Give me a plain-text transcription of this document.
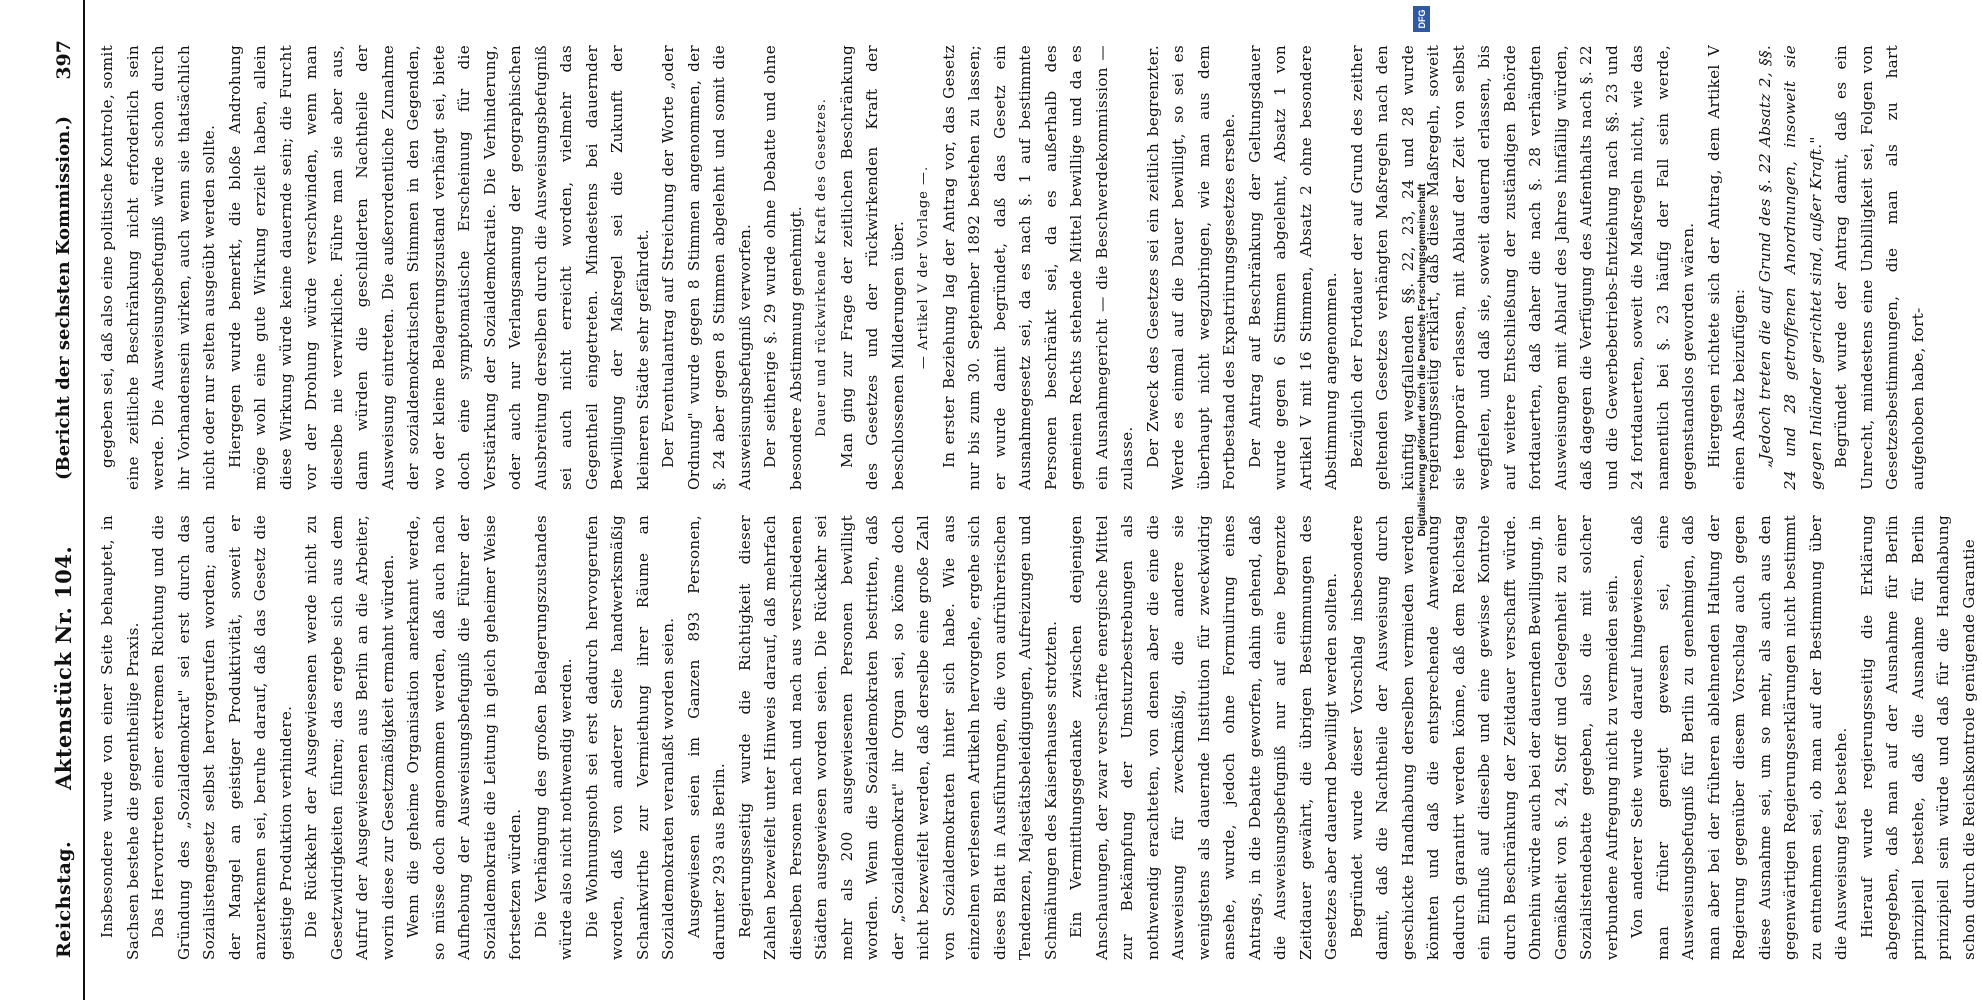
Reichstag.
Aktenstück Nr. 104.
(Bericht der sechsten Kommission.)
397

Insbesondere wurde von einer Seite behauptet, in Sachsen bestehe die gegentheilige Praxis. Das Hervortreten einer extremen Richtung und die Gründung des „Sozialdemokrat" sei erst durch das Sozialistengesetz selbst hervorgerufen worden; auch der Mangel an geistiger Produktivität, soweit er anzuerkennen sei, beruhe darauf, daß das Gesetz die geistige Produktion verhindere. Die Rückkehr der Ausgewiesenen werde nicht zu Gesetzwidrigkeiten führen; das ergebe sich aus dem Aufruf der Ausgewiesenen aus Berlin an die Arbeiter, worin diese zur Gesetzmäßigkeit ermahnt würden. Wenn die geheime Organisation anerkannt werde, so müsse doch angenommen werden, daß auch nach Aufhebung der Ausweisungsbefugniß die Führer der Sozialdemokratie die Leitung in gleich geheimer Weise fortsetzen würden. Die Verhängung des großen Belagerungszustandes würde also nicht nothwendig werden. Die Wohnungsnoth sei erst dadurch hervorgerufen worden, daß von anderer Seite handwerksmäßig Schankwirthe zur Vermiethung ihrer Räume an Sozialdemokraten veranlaßt worden seien. Ausgewiesen seien im Ganzen 893 Personen, darunter 293 aus Berlin. Regierungsseitig wurde die Richtigkeit dieser Zahlen bezweifelt unter Hinweis darauf, daß mehrfach dieselben Personen nach und nach aus verschiedenen Städten ausgewiesen worden seien. Die Rückkehr sei mehr als 200 ausgewiesenen Personen bewilligt worden. Wenn die Sozialdemokraten bestritten, daß der „Sozialdemokrat" ihr Organ sei, so könne doch nicht bezweifelt werden, daß derselbe eine große Zahl von Sozialdemokraten hinter sich habe. Wie aus einzelnen verlesenen Artikeln hervorgehe, ergehe sich dieses Blatt in Ausführungen, die von aufrührerischen Tendenzen, Majestätsbeleidigungen, Aufreizungen und Schmähungen des Kaiserhauses strotzten. Ein Vermittlungsgedanke zwischen denjenigen Anschauungen, der zwar verschärfte energische Mittel zur Bekämpfung der Umsturzbestrebungen als nothwendig erachteten, von denen aber die eine die Ausweisung für zweckmäßig, die andere sie wenigstens als dauernde Institution für zweckwidrig ansehe, wurde, jedoch ohne Formulirung eines Antrags, in die Debatte geworfen, dahin gehend, daß die Ausweisungsbefugniß nur auf eine begrenzte Zeitdauer gewährt, die übrigen Bestimmungen des Gesetzes aber dauernd bewilligt werden sollten. Begründet wurde dieser Vorschlag insbesondere damit, daß die Nachtheile der Ausweisung durch geschickte Handhabung derselben vermieden werden könnten und daß die entsprechende Anwendung dadurch garantirt werden könne, daß dem Reichstag ein Einfluß auf dieselbe und eine gewisse Kontrole durch Beschränkung der Zeitdauer verschafft würde. Ohnehin würde auch bei der dauernden Bewilligung, in Gemäßheit von §. 24, Stoff und Gelegenheit zu einer Sozialistendebatte gegeben, also die mit solcher verbundene Aufregung nicht zu vermeiden sein. Von anderer Seite wurde darauf hingewiesen, daß man früher geneigt gewesen sei, eine Ausweisungsbefugniß für Berlin zu genehmigen, daß man aber bei der früheren ablehnenden Haltung der Regierung gegenüber diesem Vorschlag auch gegen diese Ausnahme sei, um so mehr, als auch aus den gegenwärtigen Regierungserklärungen nicht bestimmt zu entnehmen sei, ob man auf der Bestimmung über die Ausweisung fest bestehe. Hierauf wurde regierungsseitig die Erklärung abgegeben, daß man auf der Ausnahme für Berlin prinzipiell bestehe, daß die Ausnahme für Berlin prinzipiell sein würde und daß für die Handhabung schon durch die Reichskontrole genügende Garantie

gegeben sei, daß also eine politische Kontrole, somit eine zeitliche Beschränkung nicht erforderlich sein werde. Die Ausweisungsbefugniß würde schon durch ihr Vorhandensein wirken, auch wenn sie thatsächlich nicht oder nur selten ausgeübt werden sollte. Hiergegen wurde bemerkt, die bloße Androhung möge wohl eine gute Wirkung erzielt haben, allein diese Wirkung würde keine dauernde sein; die Furcht vor der Drohung würde verschwinden, wenn man dieselbe nie verwirkliche. Führe man sie aber aus, dann würden die geschilderten Nachtheile der Ausweisung eintreten. Die außerordentliche Zunahme der sozialdemokratischen Stimmen in den Gegenden, wo der kleine Belagerungszustand verhängt sei, biete doch eine symptomatische Erscheinung für die Verstärkung der Sozialdemokratie. Die Verhinderung, oder auch nur Verlangsamung der geographischen Ausbreitung derselben durch die Ausweisungsbefugniß sei auch nicht erreicht worden, vielmehr das Gegentheil eingetreten. Mindestens bei dauernder Bewilligung der Maßregel sei die Zukunft der kleineren Städte sehr gefährdet. Der Eventualantrag auf Streichung der Worte „oder Ordnung" wurde gegen 8 Stimmen angenommen, der §. 24 aber gegen 8 Stimmen abgelehnt und somit die Ausweisungsbefugniß verworfen. Der seitherige §. 29 wurde ohne Debatte und ohne besondere Abstimmung genehmigt. Dauer und rückwirkende Kraft des Gesetzes. Man ging zur Frage der zeitlichen Beschränkung des Gesetzes und der rückwirkenden Kraft der beschlossenen Milderungen über. — Artikel V der Vorlage —. In erster Beziehung lag der Antrag vor, das Gesetz nur bis zum 30. September 1892 bestehen zu lassen; er wurde damit begründet, daß das Gesetz ein Ausnahmegesetz sei, da es nach §. 1 auf bestimmte Personen beschränkt sei, da es außerhalb des gemeinen Rechts stehende Mittel bewillige und da es ein Ausnahmegericht — die Beschwerdekommission — zulasse. Der Zweck des Gesetzes sei ein zeitlich begrenzter. Werde es einmal auf die Dauer bewilligt, so sei es überhaupt nicht wegzubringen, wie man aus dem Fortbestand des Expatriirungsgesetzes ersehe. Der Antrag auf Beschränkung der Geltungsdauer wurde gegen 6 Stimmen abgelehnt, Absatz 1 von Artikel V mit 16 Stimmen, Absatz 2 ohne besondere Abstimmung angenommen. Bezüglich der Fortdauer der auf Grund des zeither geltenden Gesetzes verhängten Maßregeln nach den künftig wegfallenden §§. 22, 23, 24 und 28 wurde regierungsseitig erklärt, daß diese Maßregeln, soweit sie temporär erlassen, mit Ablauf der Zeit von selbst wegfielen, und daß sie, soweit dauernd erlassen, bis auf weitere Entschließung der zuständigen Behörde fortdauerten, daß daher die nach §. 28 verhängten Ausweisungen mit Ablauf des Jahres hinfällig würden, daß dagegen die Verfügung des Aufenthalts nach §. 22 und die Gewerbebetriebs-Entziehung nach §§. 23 und 24 fortdauerten, soweit die Maßregeln nicht, wie das namentlich bei §. 23 häufig der Fall sein werde, gegenstandslos geworden wären. Hiergegen richtete sich der Antrag, dem Artikel V einen Absatz beizufügen: „Jedoch treten die auf Grund des §. 22 Absatz 2, §§. 24 und 28 getroffenen Anordnungen, insoweit sie gegen Inländer gerichtet sind, außer Kraft." Begründet wurde der Antrag damit, daß es ein Unrecht, mindestens eine Unbilligkeit sei, Folgen von Gesetzesbestimmungen, die man als zu hart aufgehoben habe, fort-

DFG
Digitalisierung gefördert durch die Deutsche Forschungsgemeinschaft
